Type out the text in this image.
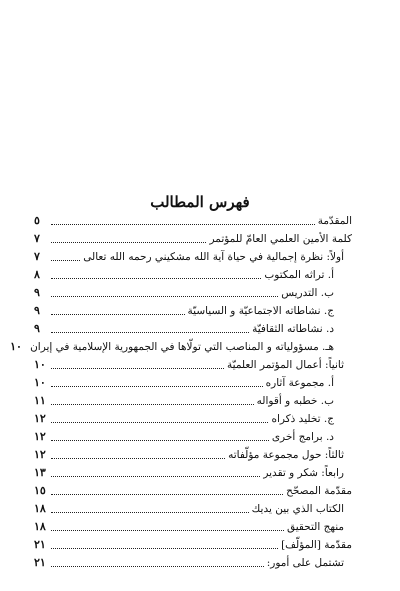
فهرس المطالب
المقدّمة
٥
كلمة الأمين العلمي العامّ للمؤتمر
٧
أولاً: نظرة إجمالية في حياة آية الله مشكيني رحمه الله تعالى
٧
أ. تراثه المكتوب
٨
ب. التدريس
٩
ج. نشاطاته الاجتماعيّة و السياسيّة
٩
د. نشاطاته الثقافيّة
٩
هـ. مسؤولياته و المناصب التي تولّاها في الجمهورية الإسلامية في إيران
١٠
ثانياً: أعمال المؤتمر العلميّة
١٠
أ. مجموعة آثاره
١٠
ب. خطبه و أقواله
١١
ج. تخليد ذكراه
١٢
د. برامج أخرى
١٢
ثالثاً: حول مجموعة مؤلّفاته
١٢
رابعاً: شكر و تقدير
١٣
مقدّمة المصحّح
١٥
الكتاب الذي بين يديك
١٨
منهج التحقيق
١٨
مقدّمة [المؤلّف]
٢١
تشتمل على أمور:
٢١
